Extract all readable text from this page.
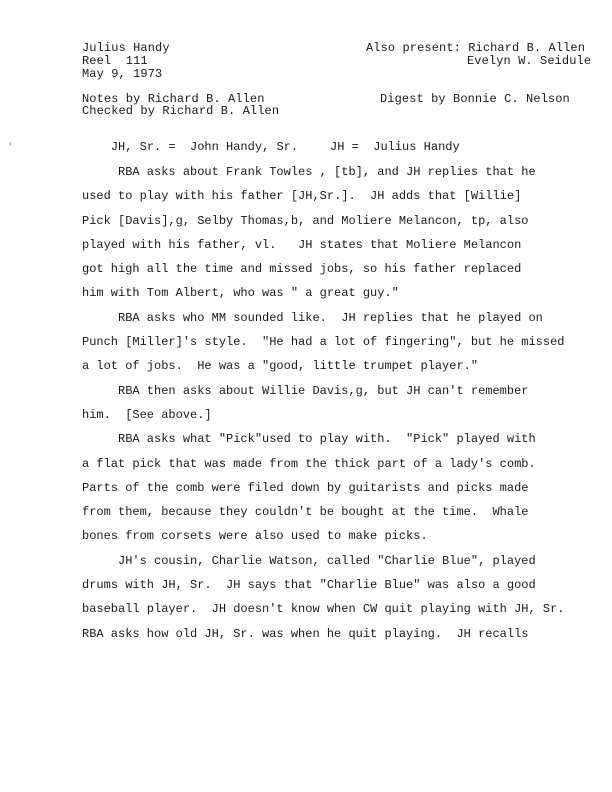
Julius Handy
Reel  111
May 9, 1973
Also present: Richard B. Allen
Evelyn W. Seidule
Notes by Richard B. Allen
Checked by Richard B. Allen
Digest by Bonnie C. Nelson

JH, Sr. =  John Handy, Sr.	JH =  Julius Handy

‹
RBA asks about Frank Towles , [tb], and JH replies that he
used to play with his father [JH,Sr.].  JH adds that [Willie]
Pick [Davis],g, Selby Thomas,b, and Moliere Melancon, tp, also
played with his father, vl.   JH states that Moliere Melancon
got high all the time and missed jobs, so his father replaced
him with Tom Albert, who was " a great guy."
RBA asks who MM sounded like.  JH replies that he played on
Punch [Miller]'s style.  "He had a lot of fingering", but he missed
a lot of jobs.  He was a "good, little trumpet player."
RBA then asks about Willie Davis,g, but JH can't remember
him.  [See above.]
RBA asks what "Pick"used to play with.  "Pick" played with
a flat pick that was made from the thick part of a lady's comb.
Parts of the comb were filed down by guitarists and picks made
from them, because they couldn't be bought at the time.  Whale
bones from corsets were also used to make picks.
JH's cousin, Charlie Watson, called "Charlie Blue", played
drums with JH, Sr.  JH says that "Charlie Blue" was also a good
baseball player.  JH doesn't know when CW quit playing with JH, Sr.
RBA asks how old JH, Sr. was when he quit playing.  JH recalls
